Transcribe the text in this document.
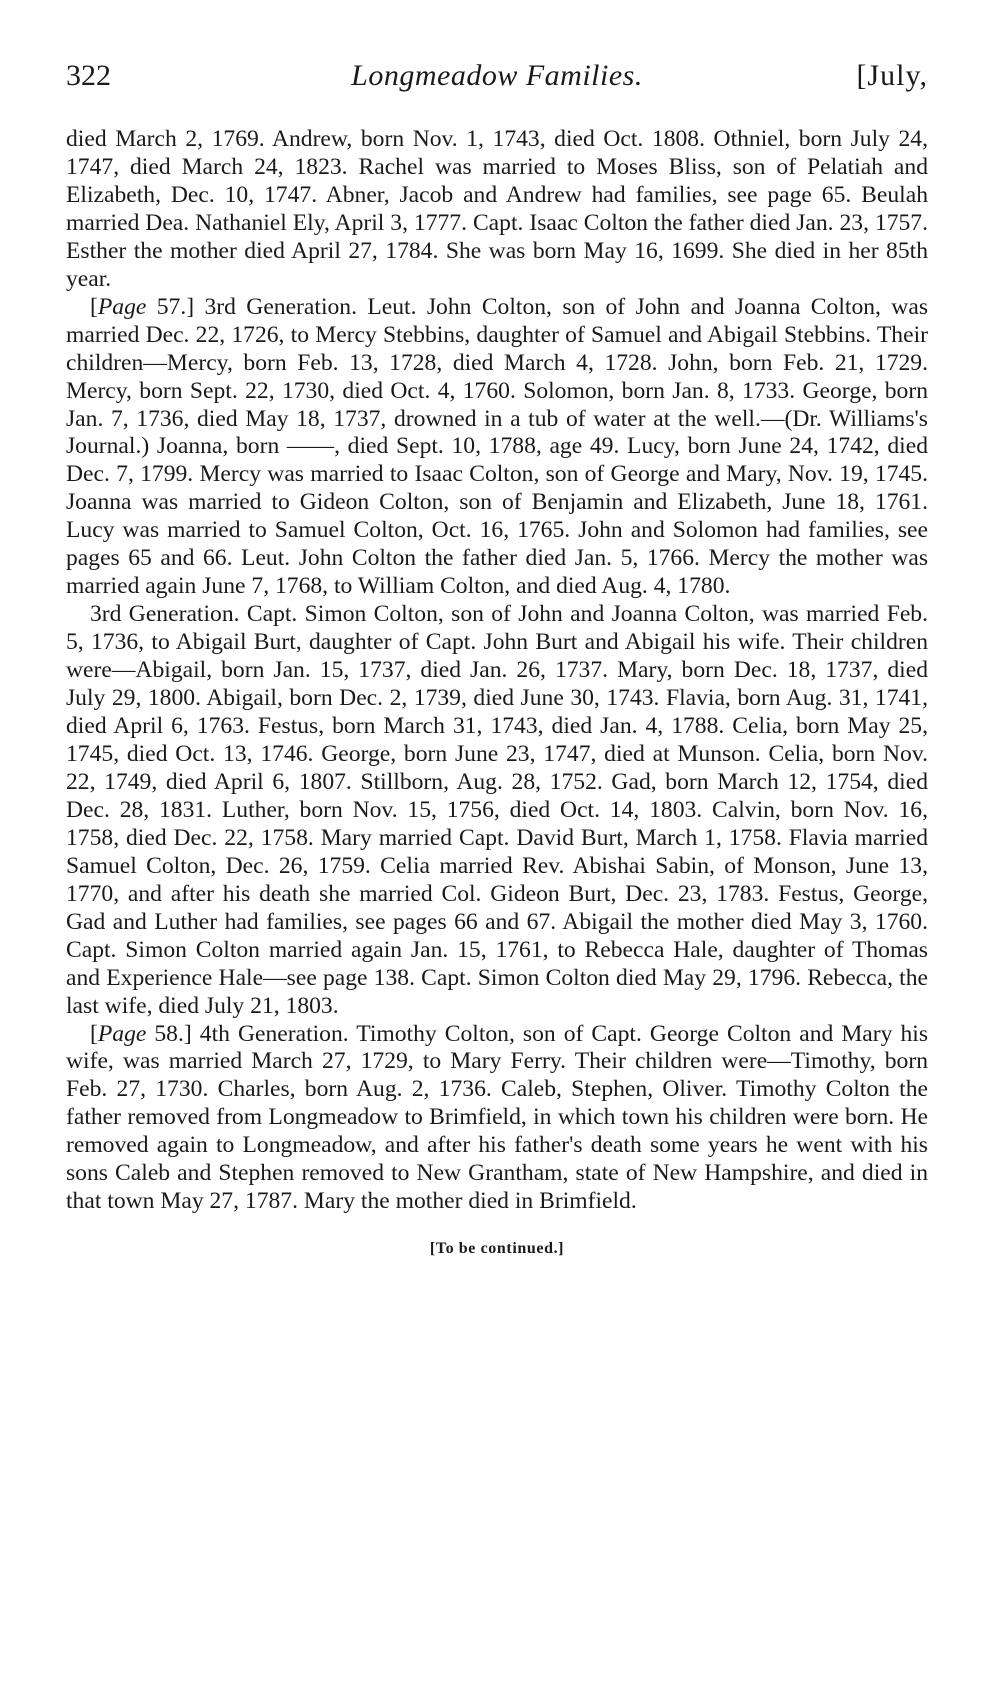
322	Longmeadow Families.	[July,

died March 2, 1769. Andrew, born Nov. 1, 1743, died Oct. 1808. Othniel, born July 24, 1747, died March 24, 1823. Rachel was married to Moses Bliss, son of Pelatiah and Elizabeth, Dec. 10, 1747. Abner, Jacob and Andrew had families, see page 65. Beulah married Dea. Nathaniel Ely, April 3, 1777. Capt. Isaac Colton the father died Jan. 23, 1757. Esther the mother died April 27, 1784. She was born May 16, 1699. She died in her 85th year.

[Page 57.] 3rd Generation. Leut. John Colton, son of John and Joanna Colton, was married Dec. 22, 1726, to Mercy Stebbins, daughter of Samuel and Abigail Stebbins. Their children—Mercy, born Feb. 13, 1728, died March 4, 1728. John, born Feb. 21, 1729. Mercy, born Sept. 22, 1730, died Oct. 4, 1760. Solomon, born Jan. 8, 1733. George, born Jan. 7, 1736, died May 18, 1737, drowned in a tub of water at the well.—(Dr. Williams's Journal.) Joanna, born ——, died Sept. 10, 1788, age 49. Lucy, born June 24, 1742, died Dec. 7, 1799. Mercy was married to Isaac Colton, son of George and Mary, Nov. 19, 1745. Joanna was married to Gideon Colton, son of Benjamin and Elizabeth, June 18, 1761. Lucy was married to Samuel Colton, Oct. 16, 1765. John and Solomon had families, see pages 65 and 66. Leut. John Colton the father died Jan. 5, 1766. Mercy the mother was married again June 7, 1768, to William Colton, and died Aug. 4, 1780.

3rd Generation. Capt. Simon Colton, son of John and Joanna Colton, was married Feb. 5, 1736, to Abigail Burt, daughter of Capt. John Burt and Abigail his wife. Their children were—Abigail, born Jan. 15, 1737, died Jan. 26, 1737. Mary, born Dec. 18, 1737, died July 29, 1800. Abigail, born Dec. 2, 1739, died June 30, 1743. Flavia, born Aug. 31, 1741, died April 6, 1763. Festus, born March 31, 1743, died Jan. 4, 1788. Celia, born May 25, 1745, died Oct. 13, 1746. George, born June 23, 1747, died at Munson. Celia, born Nov. 22, 1749, died April 6, 1807. Stillborn, Aug. 28, 1752. Gad, born March 12, 1754, died Dec. 28, 1831. Luther, born Nov. 15, 1756, died Oct. 14, 1803. Calvin, born Nov. 16, 1758, died Dec. 22, 1758. Mary married Capt. David Burt, March 1, 1758. Flavia married Samuel Colton, Dec. 26, 1759. Celia married Rev. Abishai Sabin, of Monson, June 13, 1770, and after his death she married Col. Gideon Burt, Dec. 23, 1783. Festus, George, Gad and Luther had families, see pages 66 and 67. Abigail the mother died May 3, 1760. Capt. Simon Colton married again Jan. 15, 1761, to Rebecca Hale, daughter of Thomas and Experience Hale—see page 138. Capt. Simon Colton died May 29, 1796. Rebecca, the last wife, died July 21, 1803.

[Page 58.] 4th Generation. Timothy Colton, son of Capt. George Colton and Mary his wife, was married March 27, 1729, to Mary Ferry. Their children were—Timothy, born Feb. 27, 1730. Charles, born Aug. 2, 1736. Caleb, Stephen, Oliver. Timothy Colton the father removed from Longmeadow to Brimfield, in which town his children were born. He removed again to Longmeadow, and after his father's death some years he went with his sons Caleb and Stephen removed to New Grantham, state of New Hampshire, and died in that town May 27, 1787. Mary the mother died in Brimfield.

[To be continued.]
